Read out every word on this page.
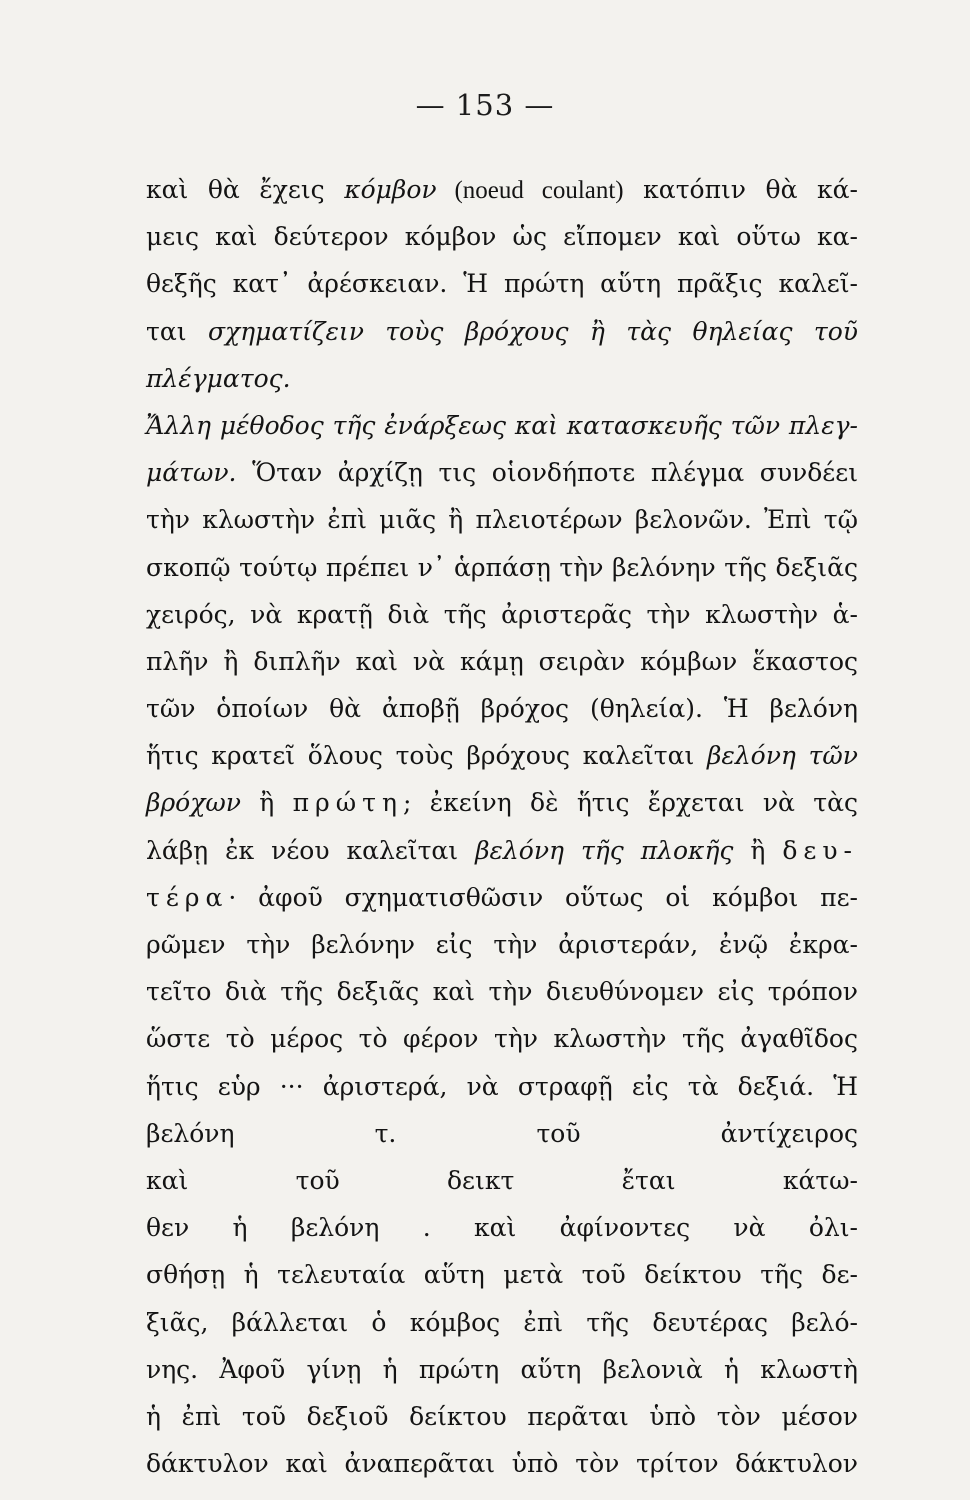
— 153 —
καὶ θὰ ἔχεις κόμβον (noeud coulant) κατόπιν θὰ κά-
μεις καὶ δεύτερον κόμβον ὡς εἴπομεν καὶ οὕτω κα-
θεξῆς κατ᾽ ἀρέσκειαν. Ἡ πρώτη αὕτη πρᾶξις καλεῖ-
ται σχηματίζειν τοὺς βρόχους ἢ τὰς θηλείας τοῦ
πλέγματος.
Ἄλλη μέθοδος τῆς ἐνάρξεως καὶ κατασκευῆς τῶν πλεγ-
μάτων. Ὅταν ἀρχίζῃ τις οἱονδήποτε πλέγμα συνδέει
τὴν κλωστὴν ἐπὶ μιᾶς ἢ πλειοτέρων βελονῶν. Ἐπὶ τῷ
σκοπῷ τούτῳ πρέπει ν᾽ ἁρπάσῃ τὴν βελόνην τῆς δεξιᾶς
χειρός, νὰ κρατῇ διὰ τῆς ἀριστερᾶς τὴν κλωστὴν ἁ-
πλῆν ἢ διπλῆν καὶ νὰ κάμῃ σειρὰν κόμβων ἕκαστος
τῶν ὁποίων θὰ ἀποβῇ βρόχος (θηλεία). Ἡ βελόνη
ἥτις κρατεῖ ὅλους τοὺς βρόχους καλεῖται βελόνη τῶν
βρόχων ἢ πρώτη; ἐκείνη δὲ ἥτις ἔρχεται νὰ τὰς
λάβῃ ἐκ νέου καλεῖται βελόνη τῆς πλοκῆς ἢ δευ-
τέρα· ἀφοῦ σχηματισθῶσιν οὕτως οἱ κόμβοι πε-
ρῶμεν τὴν βελόνην εἰς τὴν ἀριστεράν, ἐνῷ ἐκρα-
τεῖτο διὰ τῆς δεξιᾶς καὶ τὴν διευθύνομεν εἰς τρόπον
ὥστε τὸ μέρος τὸ φέρον τὴν κλωστὴν τῆς ἀγαθῖδος
ἥτις εὑρ ··· ἀριστερά, νὰ στραφῇ εἰς τὰ δεξιά. Ἡ
βελόνη τ. τοῦ ἀντίχειρος
καὶ τοῦ δεικτ ἔται κάτω-
θεν ἡ βελόνη . καὶ ἀφίνοντες νὰ ὀλι-
σθήσῃ ἡ τελευταία αὕτη μετὰ τοῦ δείκτου τῆς δε-
ξιᾶς, βάλλεται ὁ κόμβος ἐπὶ τῆς δευτέρας βελό-
νης. Ἀφοῦ γίνῃ ἡ πρώτη αὕτη βελονιὰ ἡ κλωστὴ
ἡ ἐπὶ τοῦ δεξιοῦ δείκτου περᾶται ὑπὸ τὸν μέσον
δάκτυλον καὶ ἀναπερᾶται ὑπὸ τὸν τρίτον δάκτυλον
